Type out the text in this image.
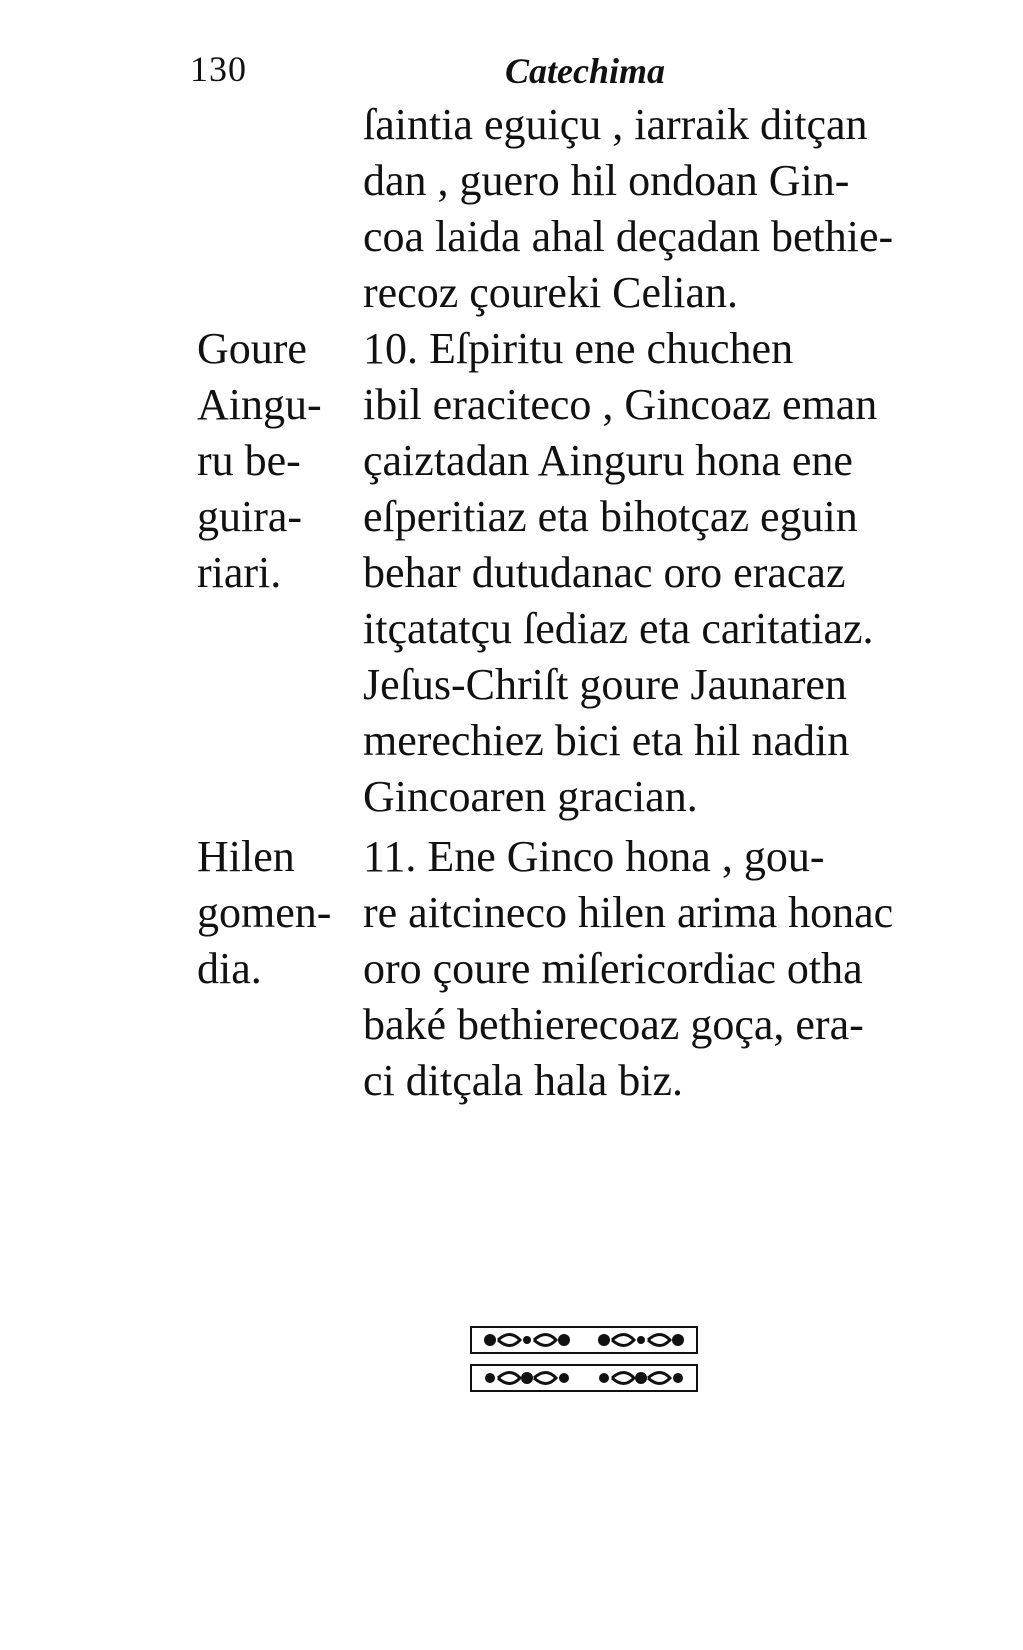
130	Catechima
ſaintia eguiçu , iarraik ditçan
dan , guero hil ondoan Gin-
coa laida ahal deçadan bethie-
recoz çoureki Celian.
Goure
Aingu-
ru be-
guira-
riari.
10. Eſpiritu ene chuchen
ibil eraciteco , Gincoaz eman
çaiztadan Ainguru hona ene
eſperitiaz eta bihotçaz eguin
behar dutudanac oro eracaz
itçatatçu ſediaz eta caritatiaz.
Jeſus-Chriſt goure Jaunaren
merechiez bici eta hil nadin
Gincoaren gracian.
Hilen
gomen-
dia.
11. Ene Ginco hona , gou-
re aitcineco hilen arima honac
oro çoure miſericordiac otha
baké bethierecoaz goça, era-
ci ditçala hala biz.
